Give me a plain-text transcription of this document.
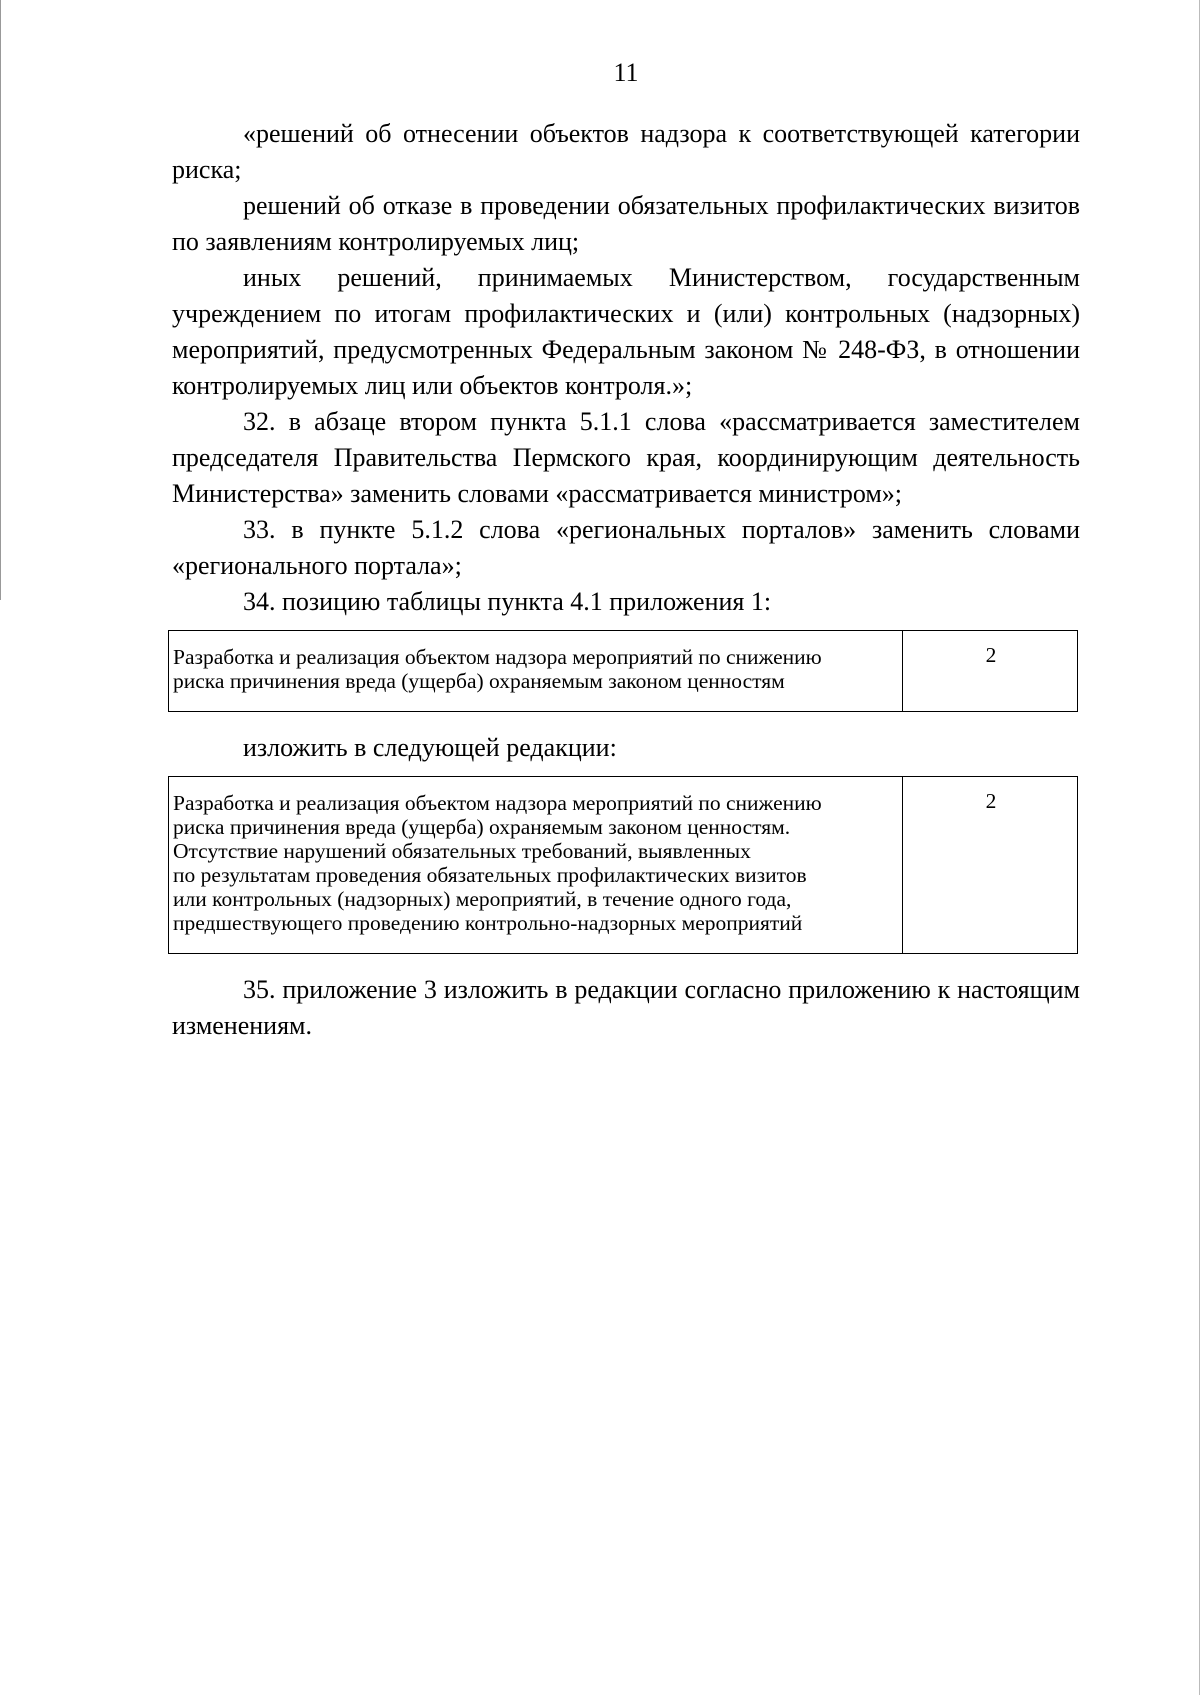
11

«решений об отнесении объектов надзора к соответствующей категории риска;

решений об отказе в проведении обязательных профилактических визитов по заявлениям контролируемых лиц;

иных решений, принимаемых Министерством, государственным учреждением по итогам профилактических и (или) контрольных (надзорных) мероприятий, предусмотренных Федеральным законом № 248-ФЗ, в отношении контролируемых лиц или объектов контроля.»;

32. в абзаце втором пункта 5.1.1 слова «рассматривается заместителем председателя Правительства Пермского края, координирующим деятельность Министерства» заменить словами «рассматривается министром»;

33. в пункте 5.1.2 слова «региональных порталов» заменить словами «регионального портала»;

34. позицию таблицы пункта 4.1 приложения 1:

Разработка и реализация объектом надзора мероприятий по снижению
риска причинения вреда (ущерба) охраняемым законом ценностям
	2

изложить в следующей редакции:

Разработка и реализация объектом надзора мероприятий по снижению
риска причинения вреда (ущерба) охраняемым законом ценностям.
Отсутствие нарушений обязательных требований, выявленных
по результатам проведения обязательных профилактических визитов
или контрольных (надзорных) мероприятий, в течение одного года,
предшествующего проведению контрольно-надзорных мероприятий
	2

35. приложение 3 изложить в редакции согласно приложению к настоящим изменениям.
